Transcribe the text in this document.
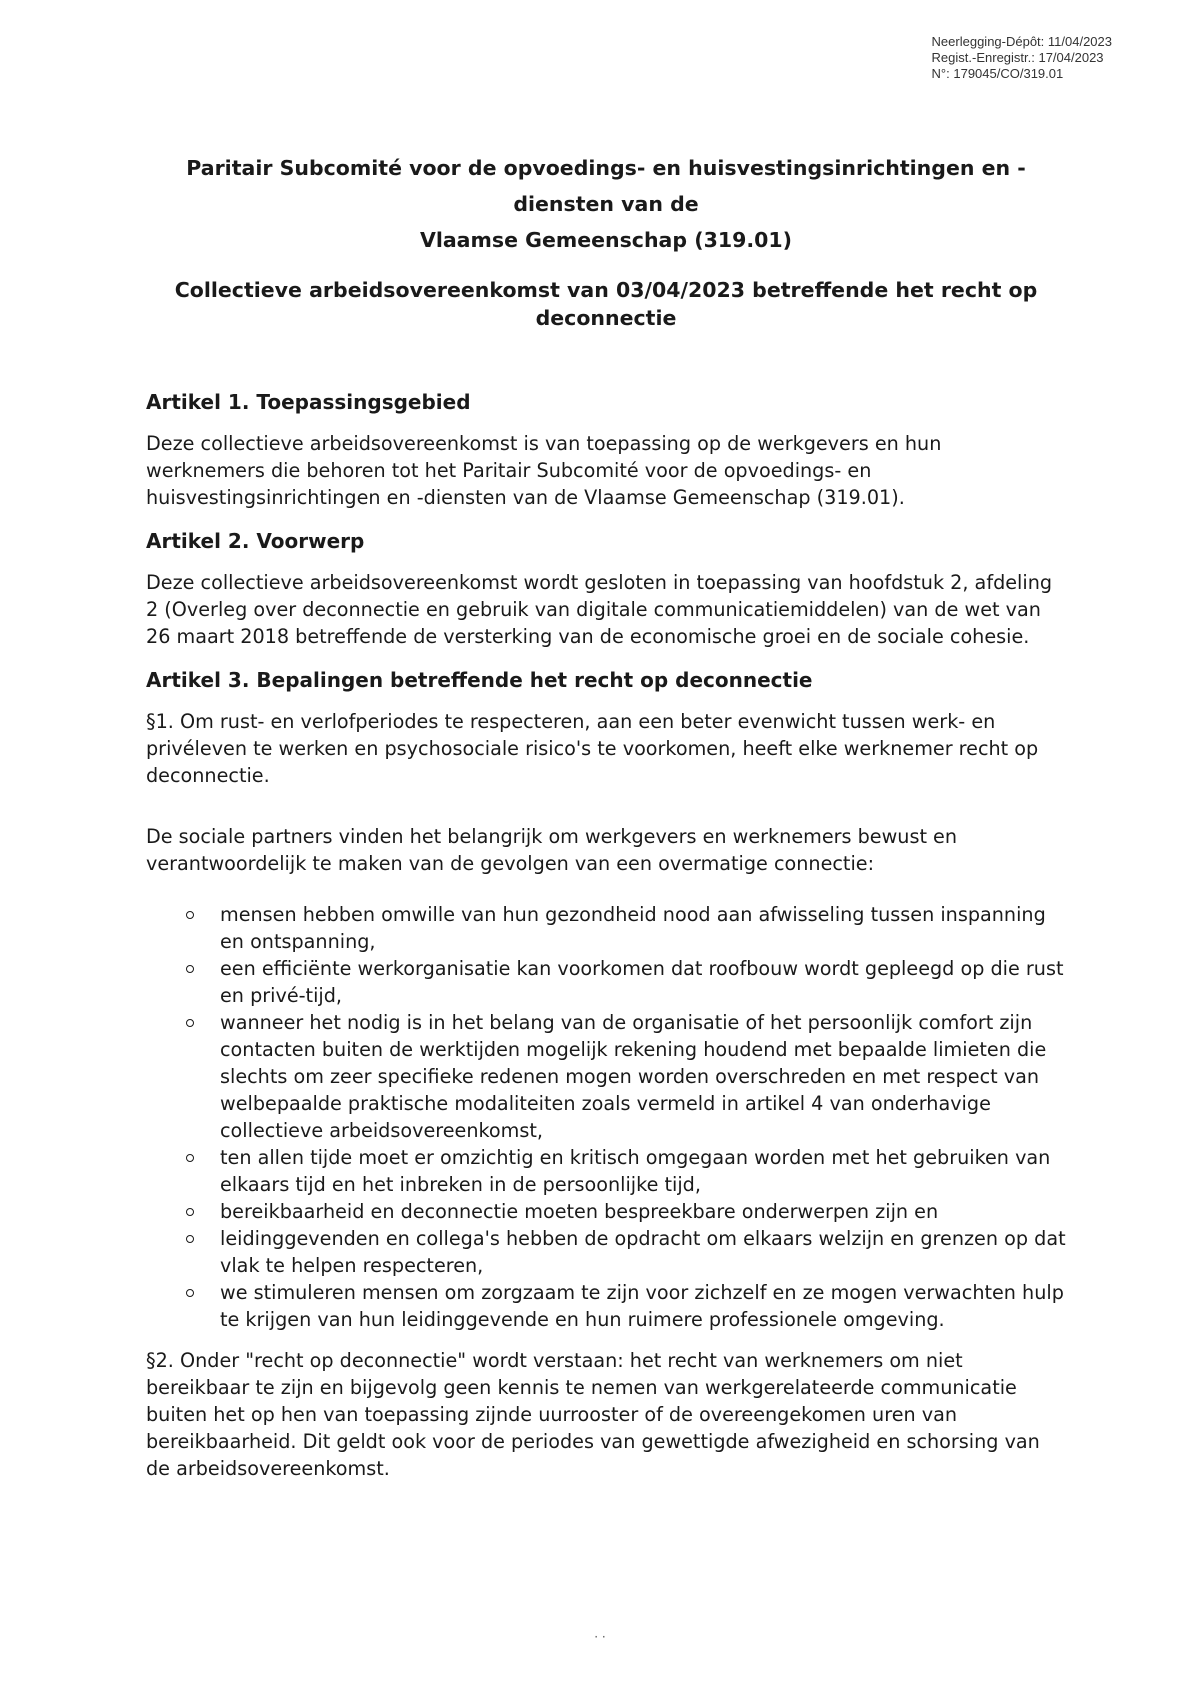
Neerlegging-Dépôt: 11/04/2023
Regist.-Enregistr.: 17/04/2023
N°: 179045/CO/319.01

Paritair Subcomité voor de opvoedings- en huisvestingsinrichtingen en -diensten van de
Vlaamse Gemeenschap (319.01)

Collectieve arbeidsovereenkomst van 03/04/2023 betreffende het recht op deconnectie

Artikel 1. Toepassingsgebied

Deze collectieve arbeidsovereenkomst is van toepassing op de werkgevers en hun werknemers die behoren tot het Paritair Subcomité voor de opvoedings- en huisvestingsinrichtingen en -diensten van de Vlaamse Gemeenschap (319.01).

Artikel 2. Voorwerp

Deze collectieve arbeidsovereenkomst wordt gesloten in toepassing van hoofdstuk 2, afdeling 2 (Overleg over deconnectie en gebruik van digitale communicatiemiddelen) van de wet van 26 maart 2018 betreffende de versterking van de economische groei en de sociale cohesie.

Artikel 3. Bepalingen betreffende het recht op deconnectie

§1. Om rust- en verlofperiodes te respecteren, aan een beter evenwicht tussen werk- en privéleven te werken en psychosociale risico's te voorkomen, heeft elke werknemer recht op deconnectie.

De sociale partners vinden het belangrijk om werkgevers en werknemers bewust en verantwoordelijk te maken van de gevolgen van een overmatige connectie:

mensen hebben omwille van hun gezondheid nood aan afwisseling tussen inspanning en ontspanning,
een efficiënte werkorganisatie kan voorkomen dat roofbouw wordt gepleegd op die rust en privé-tijd,
wanneer het nodig is in het belang van de organisatie of het persoonlijk comfort zijn contacten buiten de werktijden mogelijk rekening houdend met bepaalde limieten die slechts om zeer specifieke redenen mogen worden overschreden en met respect van welbepaalde praktische modaliteiten zoals vermeld in artikel 4 van onderhavige collectieve arbeidsovereenkomst,
ten allen tijde moet er omzichtig en kritisch omgegaan worden met het gebruiken van elkaars tijd en het inbreken in de persoonlijke tijd,
bereikbaarheid en deconnectie moeten bespreekbare onderwerpen zijn en
leidinggevenden en collega's hebben de opdracht om elkaars welzijn en grenzen op dat vlak te helpen respecteren,
we stimuleren mensen om zorgzaam te zijn voor zichzelf en ze mogen verwachten hulp te krijgen van hun leidinggevende en hun ruimere professionele omgeving.

§2. Onder "recht op deconnectie" wordt verstaan: het recht van werknemers om niet bereikbaar te zijn en bijgevolg geen kennis te nemen van werkgerelateerde communicatie buiten het op hen van toepassing zijnde uurrooster of de overeengekomen uren van bereikbaarheid. Dit geldt ook voor de periodes van gewettigde afwezigheid en schorsing van de arbeidsovereenkomst.

· ·
